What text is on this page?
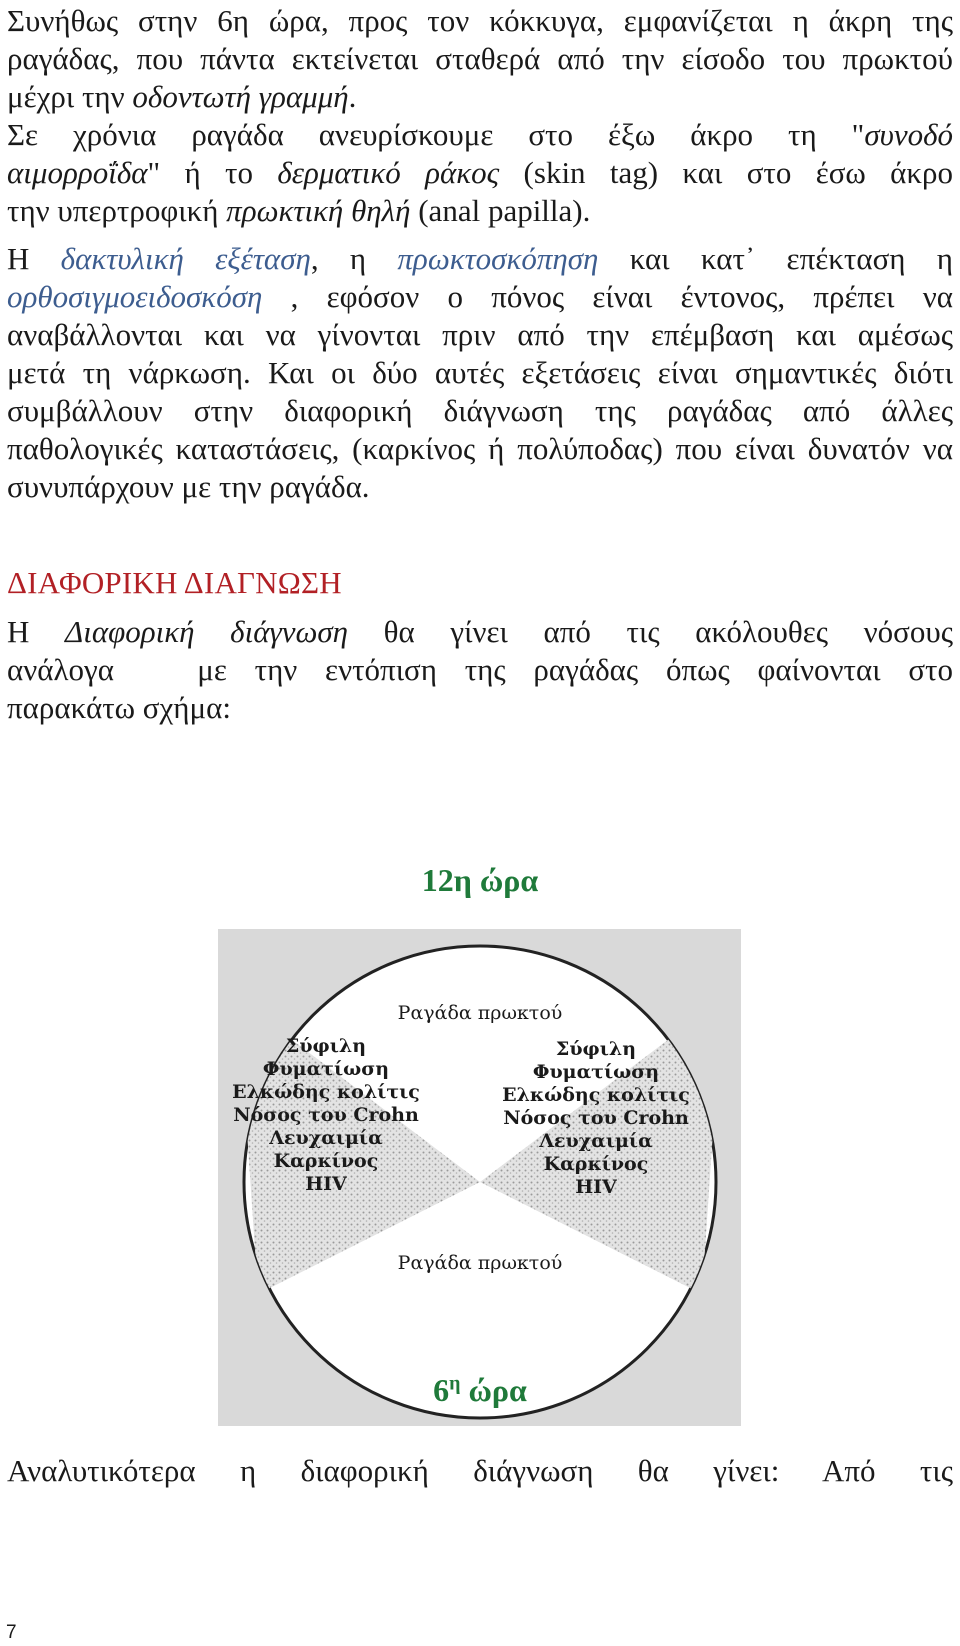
Συνήθως στην 6η ώρα, προς τον κόκκυγα, εμφανίζεται η άκρη της
ραγάδας, που πάντα εκτείνεται σταθερά από την είσοδο του πρωκτού
μέχρι την οδοντωτή γραμμή.
Σε χρόνια ραγάδα ανευρίσκουμε στο έξω άκρο τη "συνοδό
αιμορροΐδα" ή το δερματικό ράκος (skin tag) και στο έσω άκρο
την υπερτροφική πρωκτική θηλή (anal papilla).
Η δακτυλική εξέταση, η πρωκτοσκόπηση και κατ᾽ επέκταση η
ορθοσιγμοειδοσκόση , εφόσον ο πόνος είναι έντονος, πρέπει να
αναβάλλονται και να γίνονται πριν από την επέμβαση και αμέσως
μετά τη νάρκωση. Και οι δύο αυτές εξετάσεις είναι σημαντικές διότι
συμβάλλουν στην διαφορική διάγνωση της ραγάδας από άλλες
παθολογικές καταστάσεις, (καρκίνος ή πολύποδας) που είναι δυνατόν να
συνυπάρχουν με την ραγάδα.
ΔΙΑΦΟΡΙΚΗ ΔΙΑΓΝΩΣΗ
Η Διαφορική διάγνωση θα γίνει από τις ακόλουθες νόσους
ανάλογα   με την εντόπιση της ραγάδας όπως φαίνονται στο
παρακάτω σχήμα:
12η ώρα
Ραγάδα πρωκτού
Ραγάδα πρωκτού
Σύφιλη
Φυματίωση
Ελκώδης κολίτις
Νόσος του Crohn
Λευχαιμία
Καρκίνος
HIV
Σύφιλη
Φυματίωση
Ελκώδης κολίτις
Νόσος του Crohn
Λευχαιμία
Καρκίνος
HIV
$6^\eta$ ώρα
Αναλυτικότερα η διαφορική διάγνωση θα γίνει: Από τις
7
